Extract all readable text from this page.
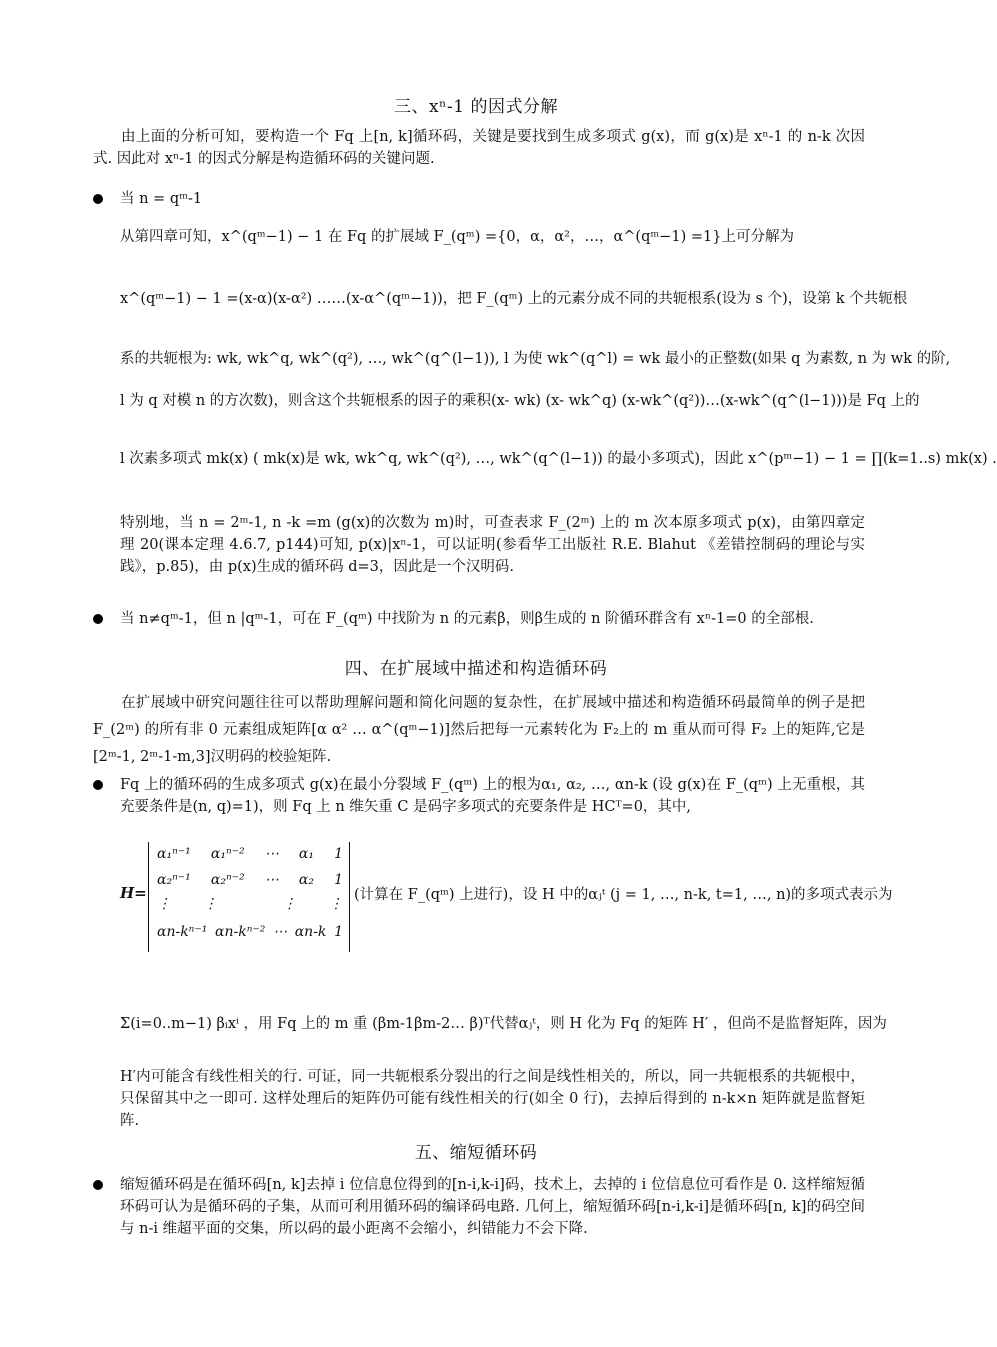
三、xⁿ-1 的因式分解
由上面的分析可知，要构造一个 Fq 上[n, k]循环码，关键是要找到生成多项式 g(x)，而 g(x)是 xⁿ-1 的 n-k 次因式. 因此对 xⁿ-1 的因式分解是构造循环码的关键问题.
当 n = qᵐ-1
从第四章可知，x^(qᵐ−1) − 1 在 Fq 的扩展域 F_(qᵐ) ={0，α，α²，…，α^(qᵐ−1) =1}上可分解为
x^(qᵐ−1) − 1 =(x-α)(x-α²) ……(x-α^(qᵐ−1))，把 F_(qᵐ) 上的元素分成不同的共轭根系(设为 s 个)，设第 k 个共轭根
系的共轭根为: wk, wk^q, wk^(q²), …, wk^(q^(l−1)), l 为使 wk^(q^l) = wk 最小的正整数(如果 q 为素数, n 为 wk 的阶,
l 为 q 对模 n 的方次数)，则含这个共轭根系的因子的乘积(x- wk) (x- wk^q) (x-wk^(q²))…(x-wk^(q^(l−1)))是 Fq 上的
l 次素多项式 mk(x) ( mk(x)是 wk, wk^q, wk^(q²), …, wk^(q^(l−1)) 的最小多项式)，因此 x^(pᵐ−1) − 1 = ∏(k=1..s) mk(x) .
特别地，当 n = 2ᵐ-1, n -k =m (g(x)的次数为 m)时，可查表求 F_(2ᵐ) 上的 m 次本原多项式 p(x)，由第四章定理 20(课本定理 4.6.7, p144)可知, p(x)|xⁿ-1，可以证明(参看华工出版社 R.E. Blahut 《差错控制码的理论与实践》，p.85)，由 p(x)生成的循环码 d=3，因此是一个汉明码.
当 n≠qᵐ-1，但 n |qᵐ-1，可在 F_(qᵐ) 中找阶为 n 的元素β，则β生成的 n 阶循环群含有 xⁿ-1=0 的全部根.
四、在扩展域中描述和构造循环码
在扩展域中研究问题往往可以帮助理解问题和简化问题的复杂性，在扩展域中描述和构造循环码最简单的例子是把 F_(2ᵐ) 的所有非 0 元素组成矩阵[α α² … α^(qᵐ−1)]然后把每一元素转化为 F₂上的 m 重从而可得 F₂ 上的矩阵,它是[2ᵐ-1, 2ᵐ-1-m,3]汉明码的校验矩阵.
H=
α₁ⁿ⁻¹ α₁ⁿ⁻² ⋯ α₁ 1
α₂ⁿ⁻¹ α₂ⁿ⁻² ⋯ α₂ 1
⋮ ⋮	⋮ ⋮
αn-kⁿ⁻¹ αn-kⁿ⁻² ⋯ αn-k 1
(计算在 F_(qᵐ) 上进行)，设 H 中的αⱼᵗ (j = 1, …, n-k, t=1, …, n)的多项式表示为
Σ(i=0..m−1) βᵢxⁱ ，用 Fq 上的 m 重 (βm-1βm-2… β)ᵀ代替αⱼᵗ，则 H 化为 Fq 的矩阵 H′ ，但尚不是监督矩阵，因为
H′内可能含有线性相关的行. 可证，同一共轭根系分裂出的行之间是线性相关的，所以，同一共轭根系的共轭根中，只保留其中之一即可. 这样处理后的矩阵仍可能有线性相关的行(如全 0 行)，去掉后得到的 n-k×n 矩阵就是监督矩阵.
五、缩短循环码
缩短循环码是在循环码[n, k]去掉 i 位信息位得到的[n-i,k-i]码，技术上，去掉的 i 位信息位可看作是 0. 这样缩短循环码可认为是循环码的子集，从而可利用循环码的编译码电路. 几何上，缩短循环码[n-i,k-i]是循环码[n, k]的码空间与 n-i 维超平面的交集，所以码的最小距离不会缩小，纠错能力不会下降.
Fq 上的循环码的生成多项式 g(x)在最小分裂域 F_(qᵐ) 上的根为α₁, α₂, …, αn-k (设 g(x)在 F_(qᵐ) 上无重根，其充要条件是(n, q)=1)，则 Fq 上 n 维矢重 C 是码字多项式的充要条件是 HCᵀ=0，其中,
